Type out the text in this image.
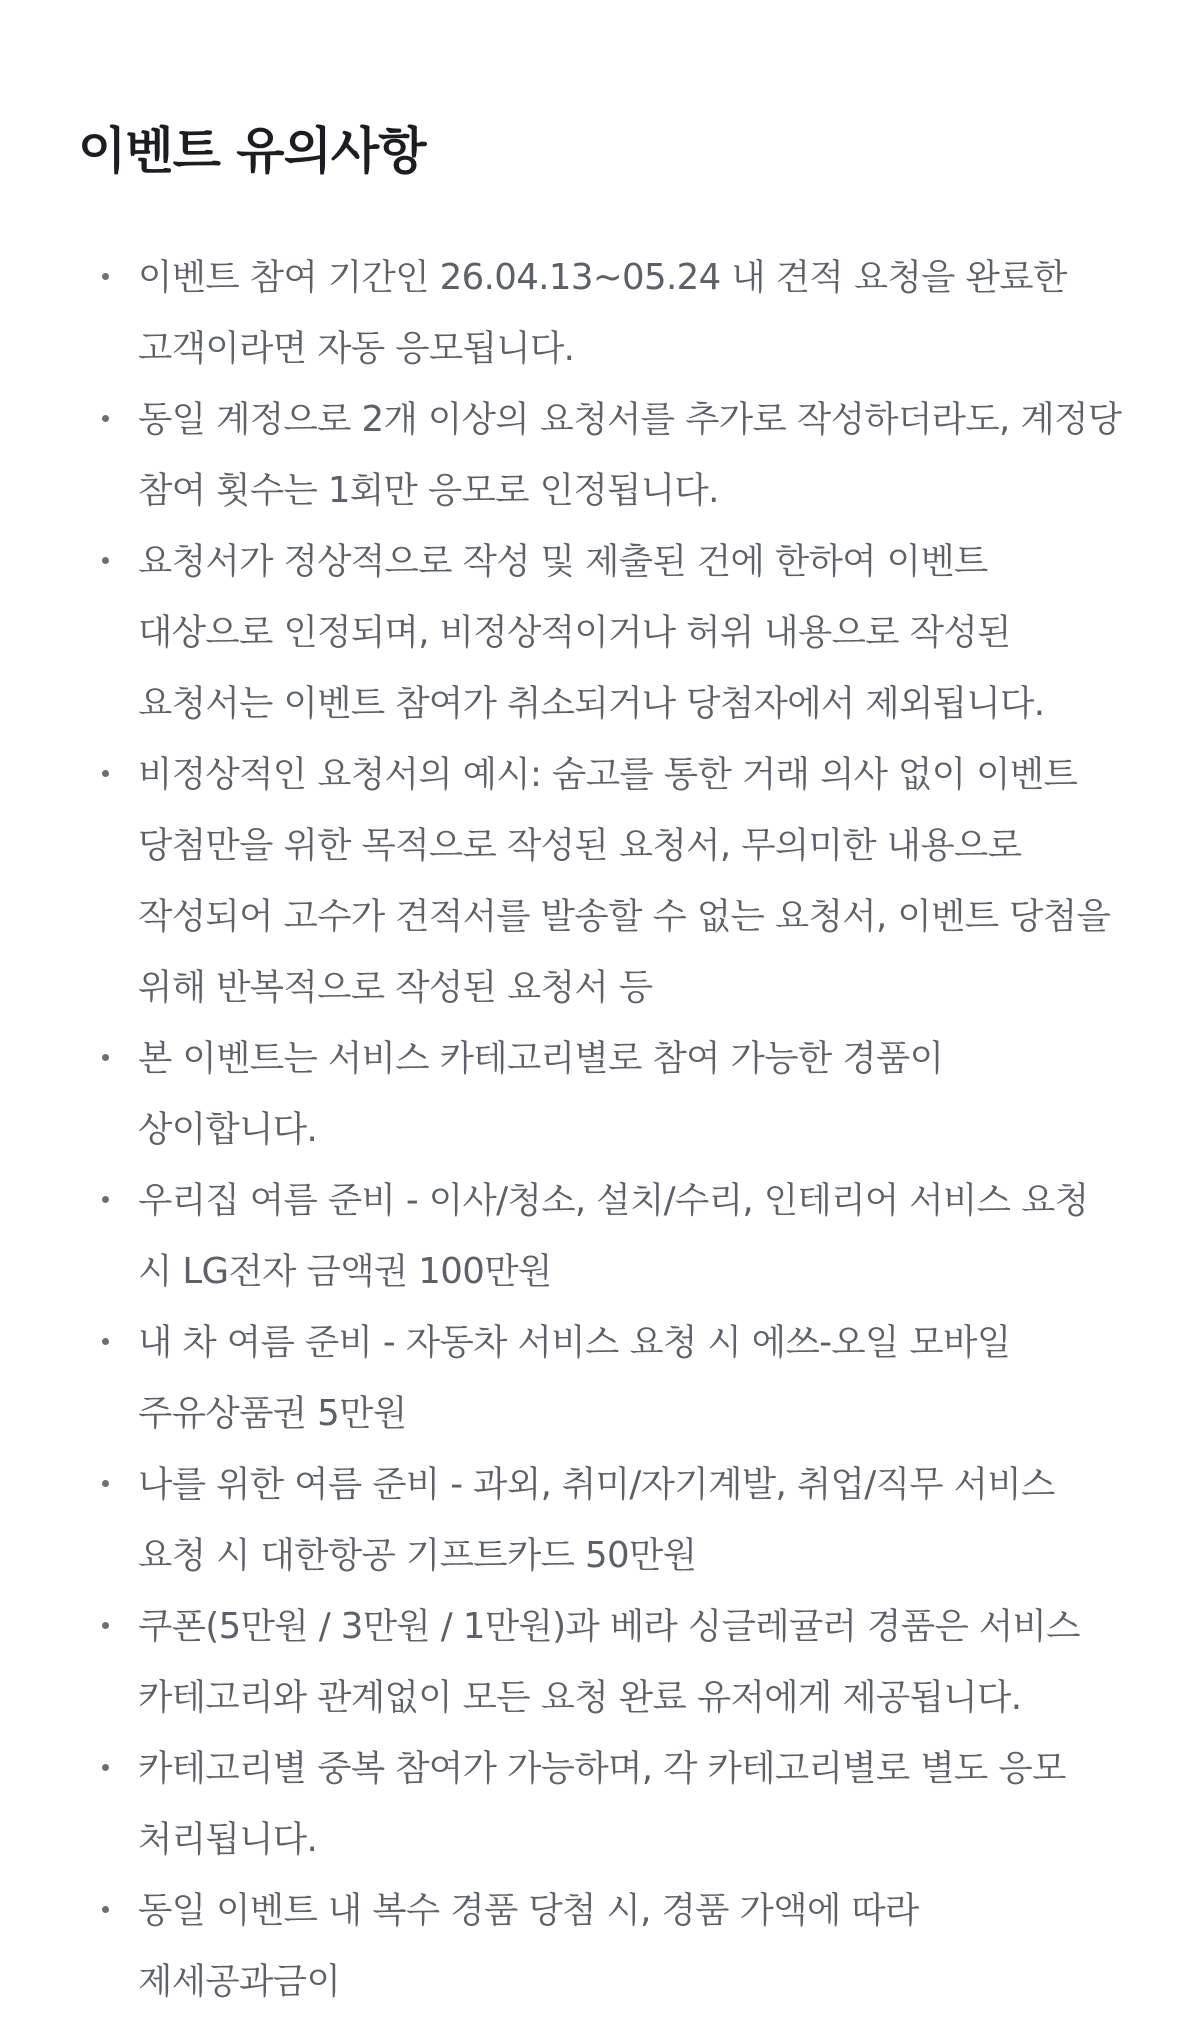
이벤트 유의사항
이벤트 참여 기간인 26.04.13~05.24 내 견적 요청을 완료한 고객이라면 자동 응모됩니다.
동일 계정으로 2개 이상의 요청서를 추가로 작성하더라도, 계정당 참여 횟수는 1회만 응모로 인정됩니다.
요청서가 정상적으로 작성 및 제출된 건에 한하여 이벤트 대상으로 인정되며, 비정상적이거나 허위 내용으로 작성된 요청서는 이벤트 참여가 취소되거나 당첨자에서 제외됩니다.
비정상적인 요청서의 예시: 숨고를 통한 거래 의사 없이 이벤트 당첨만을 위한 목적으로 작성된 요청서, 무의미한 내용으로 작성되어 고수가 견적서를 발송할 수 없는 요청서, 이벤트 당첨을 위해 반복적으로 작성된 요청서 등
본 이벤트는 서비스 카테고리별로 참여 가능한 경품이 상이합니다.
우리집 여름 준비 - 이사/청소, 설치/수리, 인테리어 서비스 요청 시 LG전자 금액권 100만원
내 차 여름 준비 - 자동차 서비스 요청 시 에쓰-오일 모바일 주유상품권 5만원
나를 위한 여름 준비 - 과외, 취미/자기계발, 취업/직무 서비스 요청 시 대한항공 기프트카드 50만원
쿠폰(5만원 / 3만원 / 1만원)과 베라 싱글레귤러 경품은 서비스 카테고리와 관계없이 모든 요청 완료 유저에게 제공됩니다.
카테고리별 중복 참여가 가능하며, 각 카테고리별로 별도 응모 처리됩니다.
동일 이벤트 내 복수 경품 당첨 시, 경품 가액에 따라 제세공과금이
